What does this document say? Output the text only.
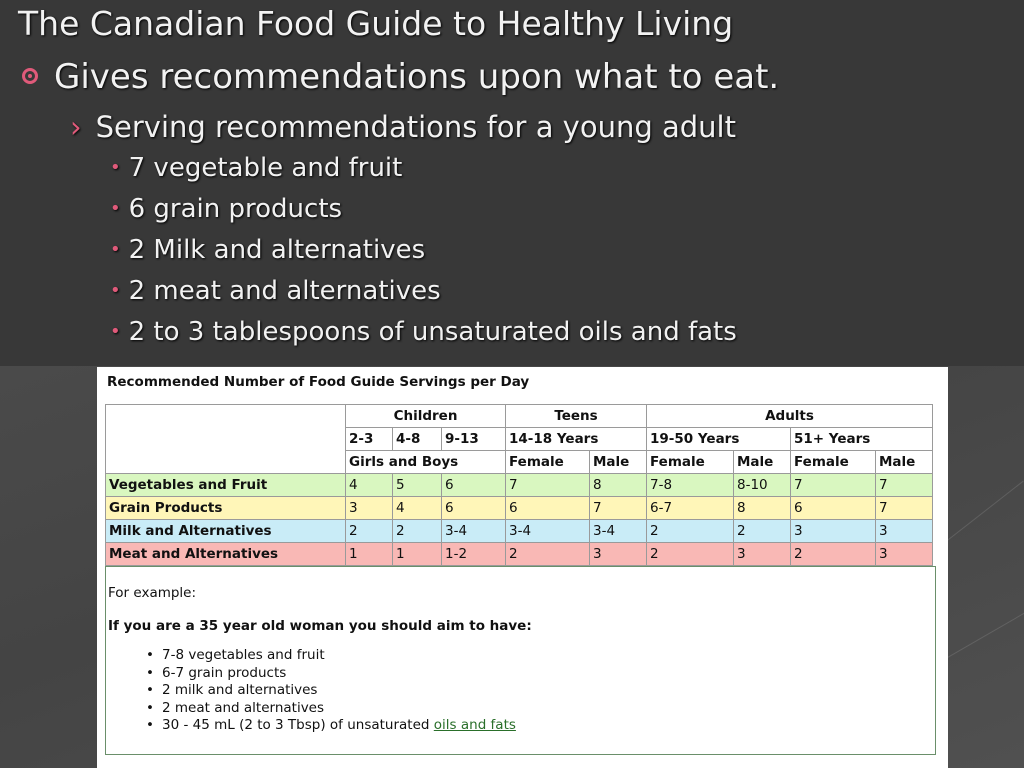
The Canadian Food Guide to Healthy Living
Gives recommendations upon what to eat.
› Serving recommendations for a young adult
• 7 vegetable and fruit
• 6 grain products
• 2 Milk and alternatives
• 2 meat and alternatives
• 2 to 3 tablespoons of unsaturated oils and fats
Recommended Number of Food Guide Servings per Day
	Children			Teens		Adults			
	2-3	4-8	9-13	14-18 Years		19-50 Years		51+ Years	
	Girls and Boys			Female	Male	Female	Male	Female	Male
Vegetables and Fruit	4	5	6	7	8	7-8	8-10	7	7
Grain Products	3	4	6	6	7	6-7	8	6	7
Milk and Alternatives	2	2	3-4	3-4	3-4	2	2	3	3
Meat and Alternatives	1	1	1-2	2	3	2	3	2	3
For example:
If you are a 35 year old woman you should aim to have:
• 7-8 vegetables and fruit
• 6-7 grain products
• 2 milk and alternatives
• 2 meat and alternatives
• 30 - 45 mL (2 to 3 Tbsp) of unsaturated oils and fats
